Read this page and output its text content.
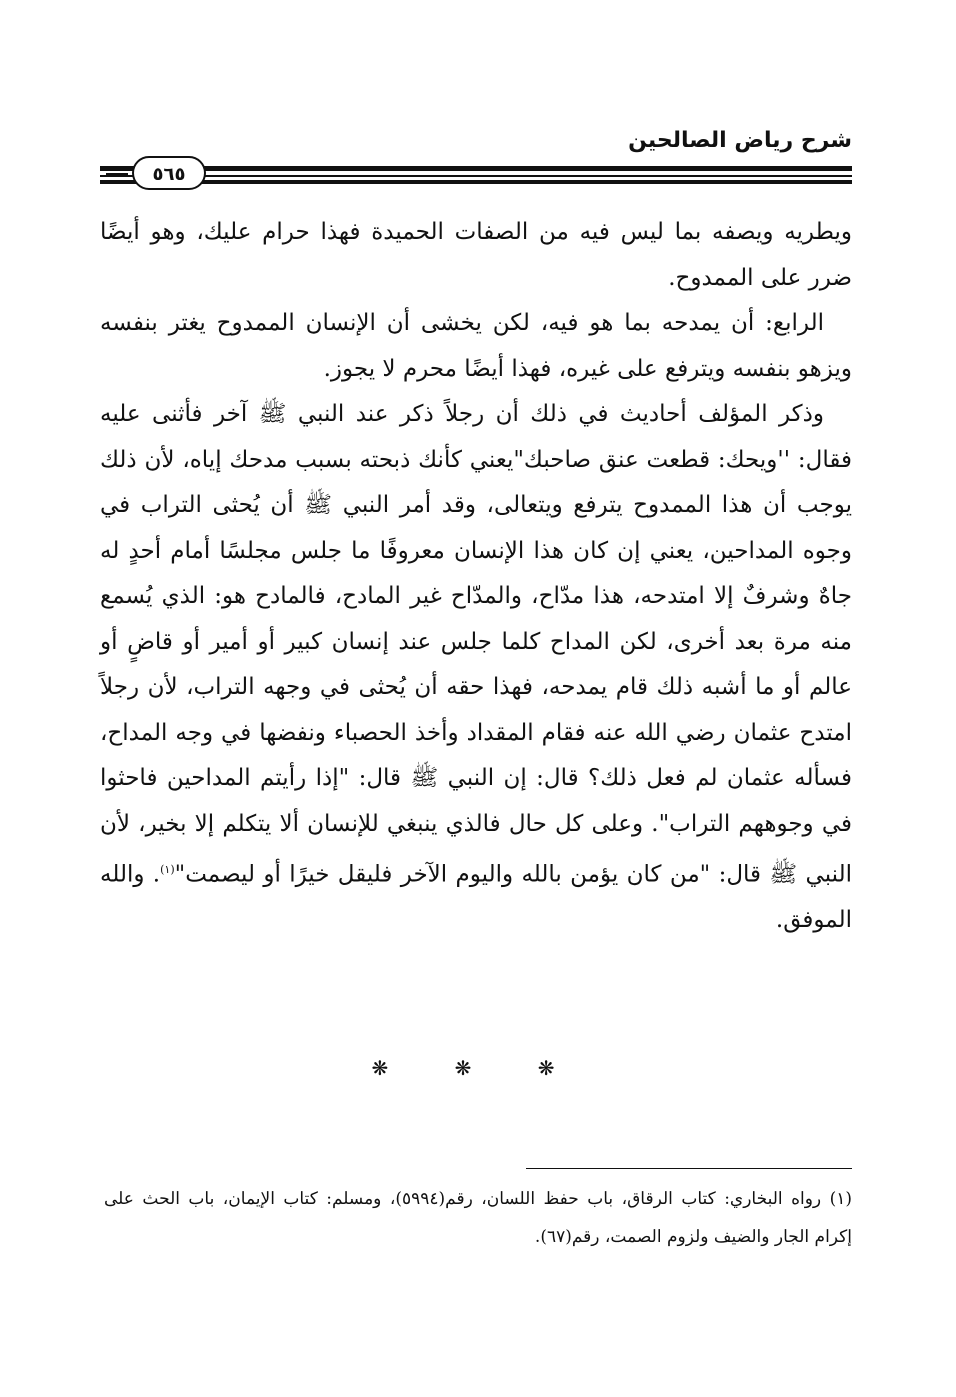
شرح رياض الصالحين
٥٦٥

ويطريه ويصفه بما ليس فيه من الصفات الحميدة فهذا حرام عليك، وهو أيضًا ضرر على الممدوح.

الرابع: أن يمدحه بما هو فيه، لكن يخشى أن الإنسان الممدوح يغتر بنفسه ويزهو بنفسه ويترفع على غيره، فهذا أيضًا محرم لا يجوز.

وذكر المؤلف أحاديث في ذلك أن رجلاً ذكر عند النبي ﷺ آخر فأثنى عليه فقال: ''ويحك: قطعت عنق صاحبك"يعني كأنك ذبحته بسبب مدحك إياه، لأن ذلك يوجب أن هذا الممدوح يترفع ويتعالى، وقد أمر النبي ﷺ أن يُحثى التراب في وجوه المداحين، يعني إن كان هذا الإنسان معروفًا ما جلس مجلسًا أمام أحدٍ له جاهٌ وشرفٌ إلا امتدحه، هذا مدّاح، والمدّاح غير المادح، فالمادح هو: الذي يُسمع منه مرة بعد أخرى، لكن المداح كلما جلس عند إنسان كبير أو أمير أو قاضٍ أو عالم أو ما أشبه ذلك قام يمدحه، فهذا حقه أن يُحثى في وجهه التراب، لأن رجلاً امتدح عثمان رضي الله عنه فقام المقداد وأخذ الحصباء ونفضها في وجه المداح، فسأله عثمان لم فعل ذلك؟ قال: إن النبي ﷺ قال: "إذا رأيتم المداحين فاحثوا في وجوههم التراب". وعلى كل حال فالذي ينبغي للإنسان ألا يتكلم إلا بخير، لأن النبي ﷺ قال: "من كان يؤمن بالله واليوم الآخر فليقل خيرًا أو ليصمت"$^{(١)}$. والله الموفق.

❋ ❋ ❋
(١) رواه البخاري: كتاب الرقاق، باب حفظ اللسان، رقم(٥٩٩٤)، ومسلم: كتاب الإيمان، باب الحث على إكرام الجار والضيف ولزوم الصمت، رقم(٦٧).
